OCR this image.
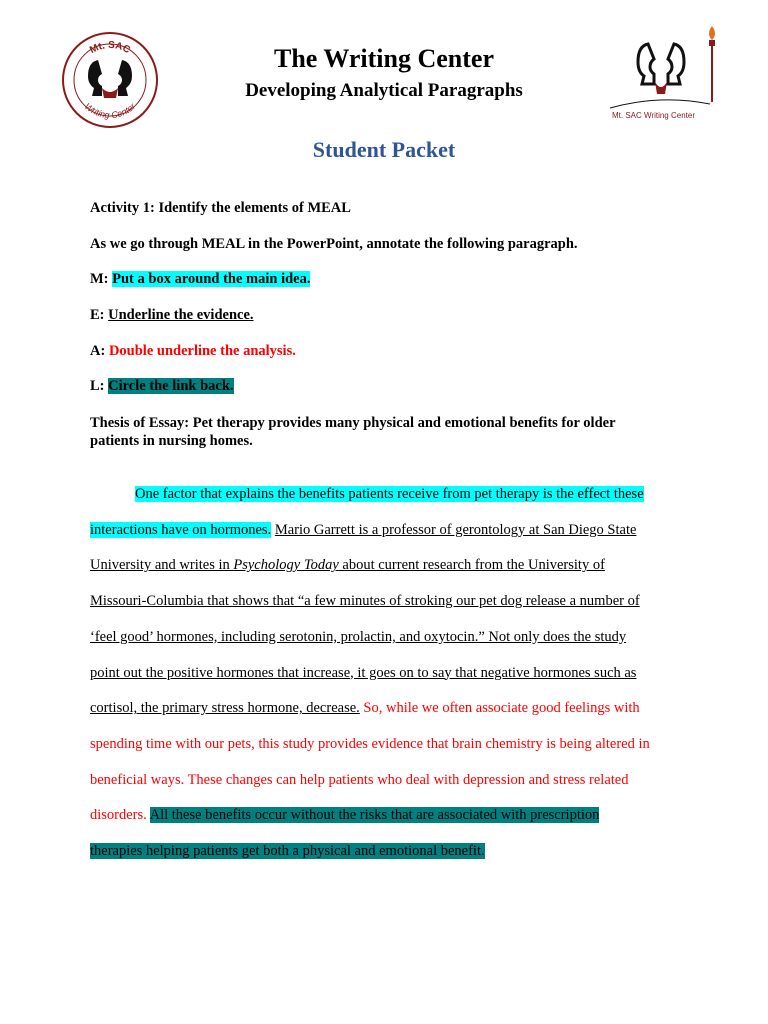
Mt. SAC
Writing Center
Mt. SAC Writing Center
The Writing Center
Developing Analytical Paragraphs
Student Packet

Activity 1: Identify the elements of MEAL

As we go through MEAL in the PowerPoint, annotate the following paragraph.

M: Put a box around the main idea.

E: Underline the evidence.

A: Double underline the analysis.

L: Circle the link back.

Thesis of Essay: Pet therapy provides many physical and emotional benefits for older
patients in nursing homes.

One factor that explains the benefits patients receive from pet therapy is the effect these
interactions have on hormones. Mario Garrett is a professor of gerontology at San Diego State
University and writes in Psychology Today about current research from the University of
Missouri-Columbia that shows that “a few minutes of stroking our pet dog release a number of
‘feel good’ hormones, including serotonin, prolactin, and oxytocin.” Not only does the study
point out the positive hormones that increase, it goes on to say that negative hormones such as
cortisol, the primary stress hormone, decrease. So, while we often associate good feelings with
spending time with our pets, this study provides evidence that brain chemistry is being altered in
beneficial ways. These changes can help patients who deal with depression and stress related
disorders. All these benefits occur without the risks that are associated with prescription
therapies helping patients get both a physical and emotional benefit.
